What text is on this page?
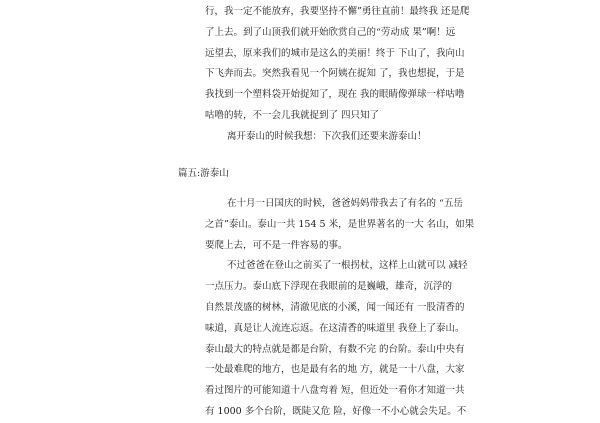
行，我一定不能放弃，我要坚持不懈”勇往直前！最终我 还是爬
了上去。到了山顶我们就开始欣赏自己的“劳动成 果”啊！远
远望去，原来我们的城市是这么的美丽！终于 下山了，我向山
下飞奔而去。突然我看见一个阿姨在捉知 了，我也想捉，于是
我找到一个塑料袋开始捉知了，现在 我的眼睛像弹球一样咕噜
咕噜的转，不一会儿我就捉到了 四只知了
离开泰山的时候我想：下次我们还要来游泰山！
篇五:游泰山
在十月一日国庆的时候，爸爸妈妈带我去了有名的 “五岳
之首”泰山。泰山一共 154 5 米，是世界著名的一大 名山，如果
要爬上去，可不是一件容易的事。
不过爸爸在登山之前买了一根拐杖，这样上山就可以 减轻
一点压力。泰山底下浮现在我眼前的是巍峨，雄奇，沉浮的
自然景茂盛的树林，清澈见底的小溪，闻一闻还有 一股清香的
味道，真是让人流连忘返。在这清香的味道里 我登上了泰山。
泰山最大的特点就是都是台阶，有数不完 的台阶。泰山中央有
一处最难爬的地方，也是最有名的地 方，就是一十八盘，大家
看过图片的可能知道十八盘弯着 短，但近处一看你才知道一共
有 1000 多个台阶，既陡又危 险，好像一不小心就会失足。不
